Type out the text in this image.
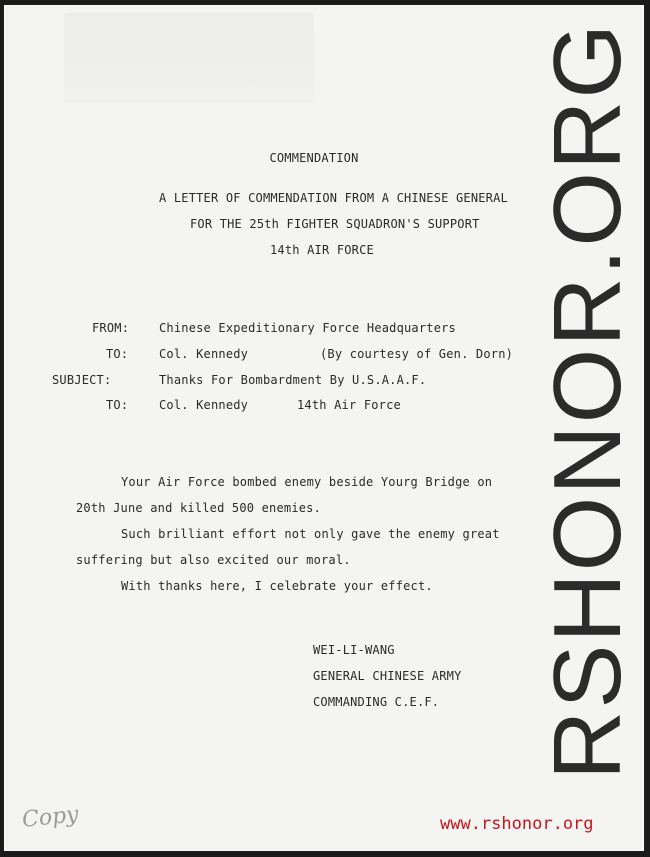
COMMENDATION
A LETTER OF COMMENDATION FROM A CHINESE GENERAL
FOR THE 25th FIGHTER SQUADRON'S SUPPORT
14th AIR FORCE
FROM: Chinese Expeditionary Force Headquarters
TO:	Col. Kennedy	(By courtesy of Gen. Dorn)
SUBJECT:	Thanks For Bombardment By U.S.A.A.F.
TO:	Col. Kennedy	14th Air Force
Your Air Force bombed enemy beside Yourg Bridge on
20th June and killed 500 enemies.
Such brilliant effort not only gave the enemy great
suffering but also excited our moral.
With thanks here, I celebrate your effect.
WEI-LI-WANG
GENERAL CHINESE ARMY
COMMANDING C.E.F.
Copy
RSHONOR.ORG
www.rshonor.org
